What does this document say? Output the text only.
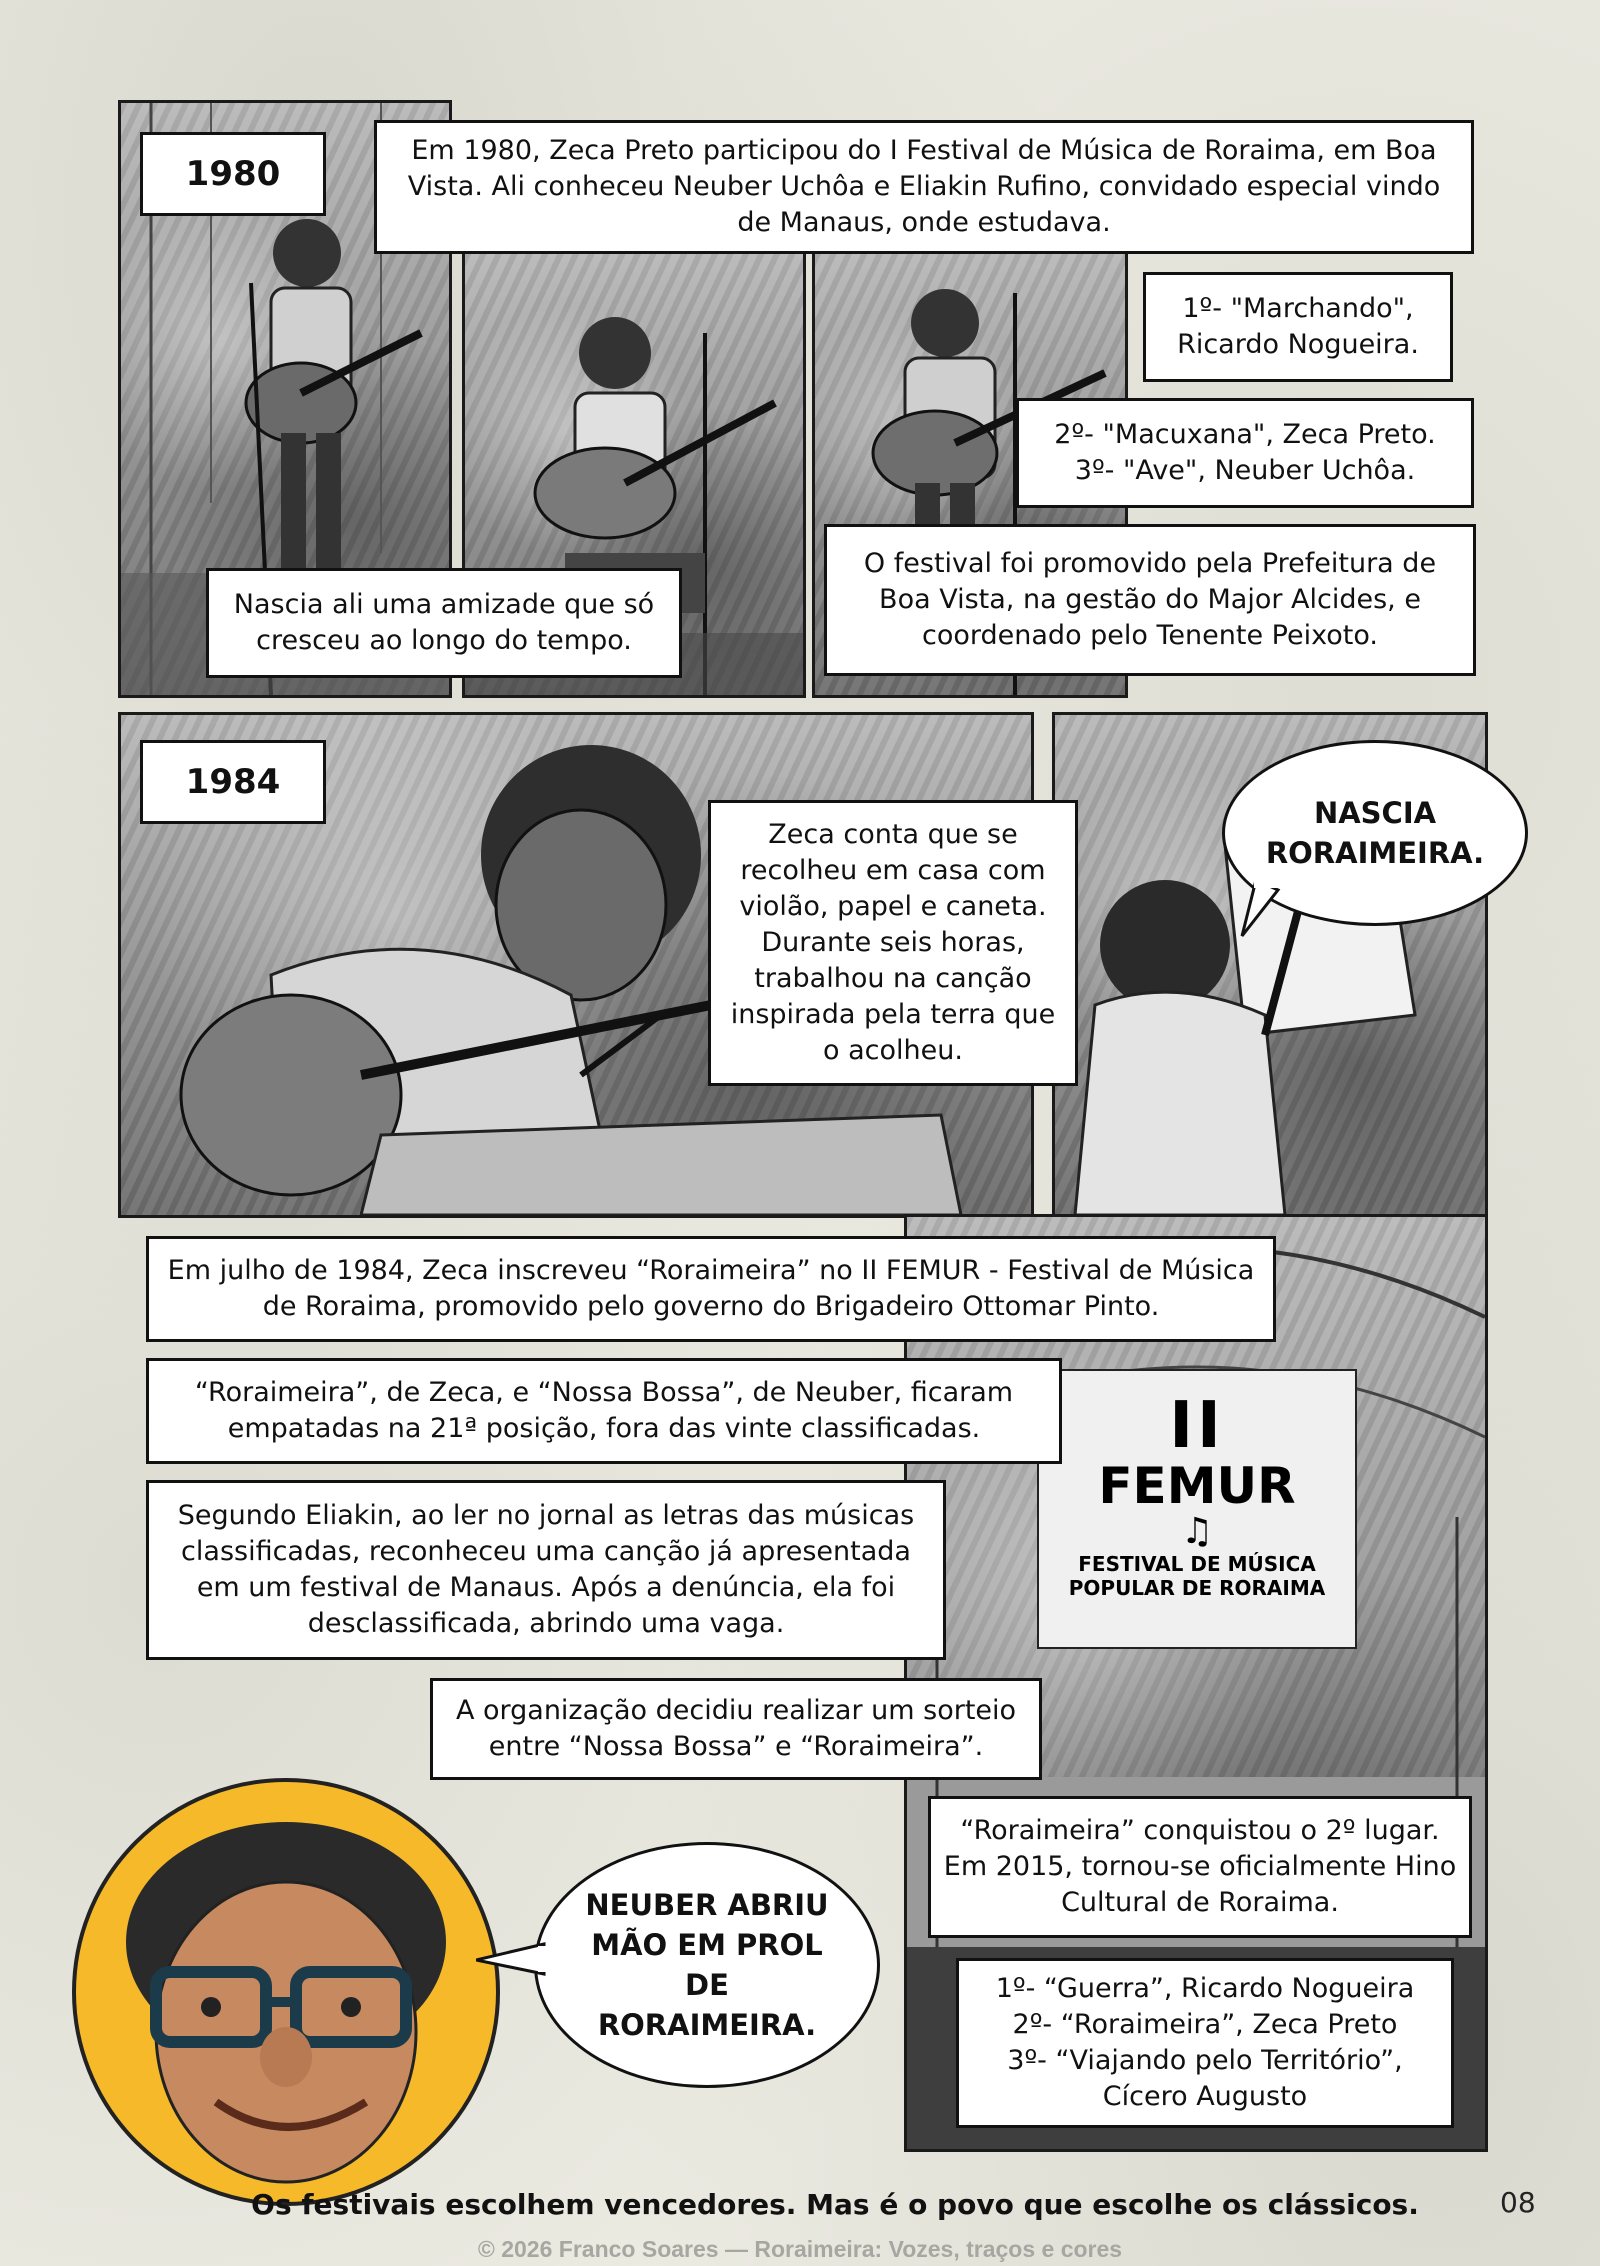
1980
Em 1980, Zeca Preto participou do I Festival de Música de Roraima, em Boa Vista. Ali conheceu Neuber Uchôa e Eliakin Rufino, convidado especial vindo de Manaus, onde estudava.
1º- "Marchando", Ricardo Nogueira.
2º- "Macuxana", Zeca Preto.
3º- "Ave", Neuber Uchôa.
Nascia ali uma amizade que só cresceu ao longo do tempo.
O festival foi promovido pela Prefeitura de Boa Vista, na gestão do Major Alcides, e coordenado pelo Tenente Peixoto.
1984
Zeca conta que se recolheu em casa com violão, papel e caneta. Durante seis horas, trabalhou na canção inspirada pela terra que o acolheu.
NASCIA RORAIMEIRA.
II
FEMUR
♫
FESTIVAL DE MÚSICA
POPULAR DE RORAIMA
Em julho de 1984, Zeca inscreveu “Roraimeira” no II FEMUR - Festival de Música de Roraima, promovido pelo governo do Brigadeiro Ottomar Pinto.
“Roraimeira”, de Zeca, e “Nossa Bossa”, de Neuber, ficaram empatadas na 21ª posição, fora das vinte classificadas.
Segundo Eliakin, ao ler no jornal as letras das músicas classificadas, reconheceu uma canção já apresentada em um festival de Manaus. Após a denúncia, ela foi desclassificada, abrindo uma vaga.
A organização decidiu realizar um sorteio entre “Nossa Bossa” e “Roraimeira”.
“Roraimeira” conquistou o 2º lugar. Em 2015, tornou-se oficialmente Hino Cultural de Roraima.
1º- “Guerra”, Ricardo Nogueira
2º- “Roraimeira”, Zeca Preto
3º- “Viajando pelo Território”,
Cícero Augusto
NEUBER ABRIU MÃO EM PROL DE RORAIMEIRA.
Os festivais escolhem vencedores. Mas é o povo que escolhe os clássicos.	08
© 2026 Franco Soares — Roraimeira: Vozes, traços e cores
